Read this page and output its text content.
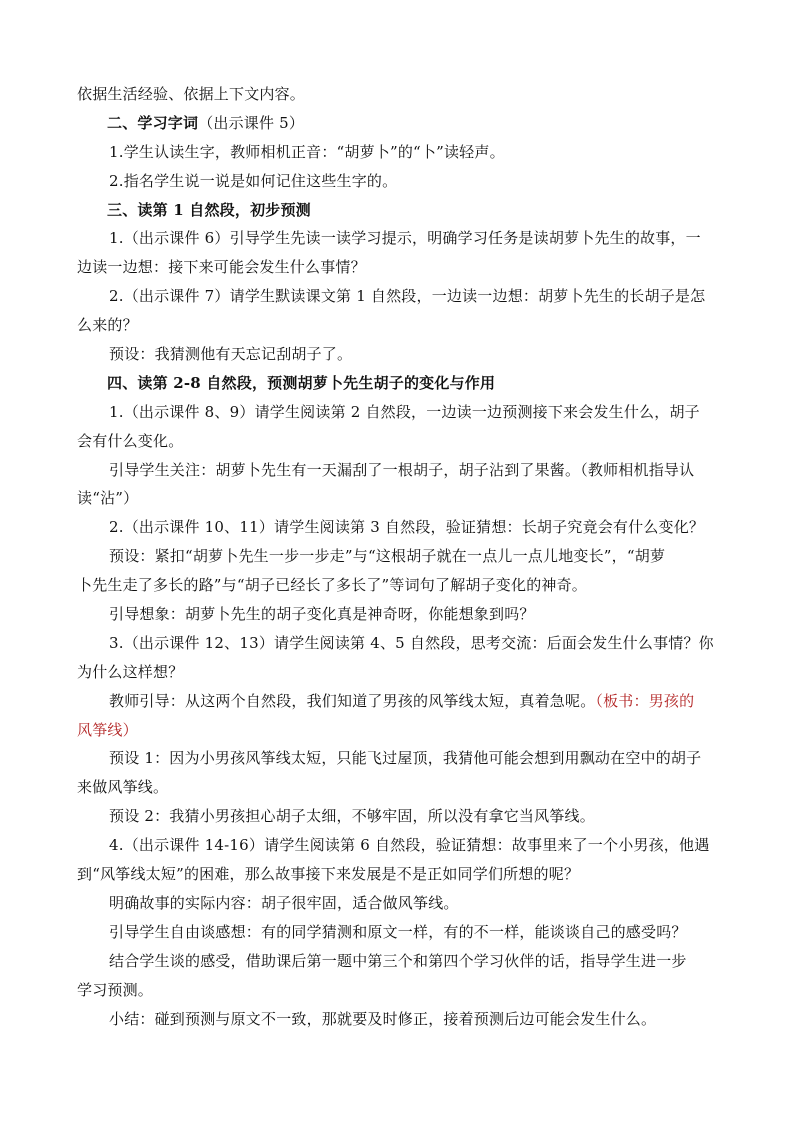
依据生活经验、依据上下文内容。
二、学习字词（出示课件 5）
1.学生认读生字，教师相机正音：“胡萝卜”的“卜”读轻声。
2.指名学生说一说是如何记住这些生字的。
三、读第 1 自然段，初步预测
1.（出示课件 6）引导学生先读一读学习提示，明确学习任务是读胡萝卜先生的故事，一
边读一边想：接下来可能会发生什么事情？
2.（出示课件 7）请学生默读课文第 1 自然段，一边读一边想：胡萝卜先生的长胡子是怎
么来的？
预设：我猜测他有天忘记刮胡子了。
四、读第 2-8 自然段，预测胡萝卜先生胡子的变化与作用
1.（出示课件 8、9）请学生阅读第 2 自然段，一边读一边预测接下来会发生什么，胡子
会有什么变化。
引导学生关注：胡萝卜先生有一天漏刮了一根胡子，胡子沾到了果酱。（教师相机指导认
读“沾”）
2.（出示课件 10、11）请学生阅读第 3 自然段，验证猜想：长胡子究竟会有什么变化？
预设：紧扣“胡萝卜先生一步一步走”与“这根胡子就在一点儿一点儿地变长”，“胡萝
卜先生走了多长的路”与“胡子已经长了多长了”等词句了解胡子变化的神奇。
引导想象：胡萝卜先生的胡子变化真是神奇呀，你能想象到吗？
3.（出示课件 12、13）请学生阅读第 4、5 自然段，思考交流：后面会发生什么事情？你
为什么这样想？
教师引导：从这两个自然段，我们知道了男孩的风筝线太短，真着急呢。（板书：男孩的
风筝线）
预设 1：因为小男孩风筝线太短，只能飞过屋顶，我猜他可能会想到用飘动在空中的胡子
来做风筝线。
预设 2：我猜小男孩担心胡子太细，不够牢固，所以没有拿它当风筝线。
4.（出示课件 14-16）请学生阅读第 6 自然段，验证猜想：故事里来了一个小男孩，他遇
到“风筝线太短”的困难，那么故事接下来发展是不是正如同学们所想的呢？
明确故事的实际内容：胡子很牢固，适合做风筝线。
引导学生自由谈感想：有的同学猜测和原文一样，有的不一样，能谈谈自己的感受吗？
结合学生谈的感受，借助课后第一题中第三个和第四个学习伙伴的话，指导学生进一步
学习预测。
小结：碰到预测与原文不一致，那就要及时修正，接着预测后边可能会发生什么。
